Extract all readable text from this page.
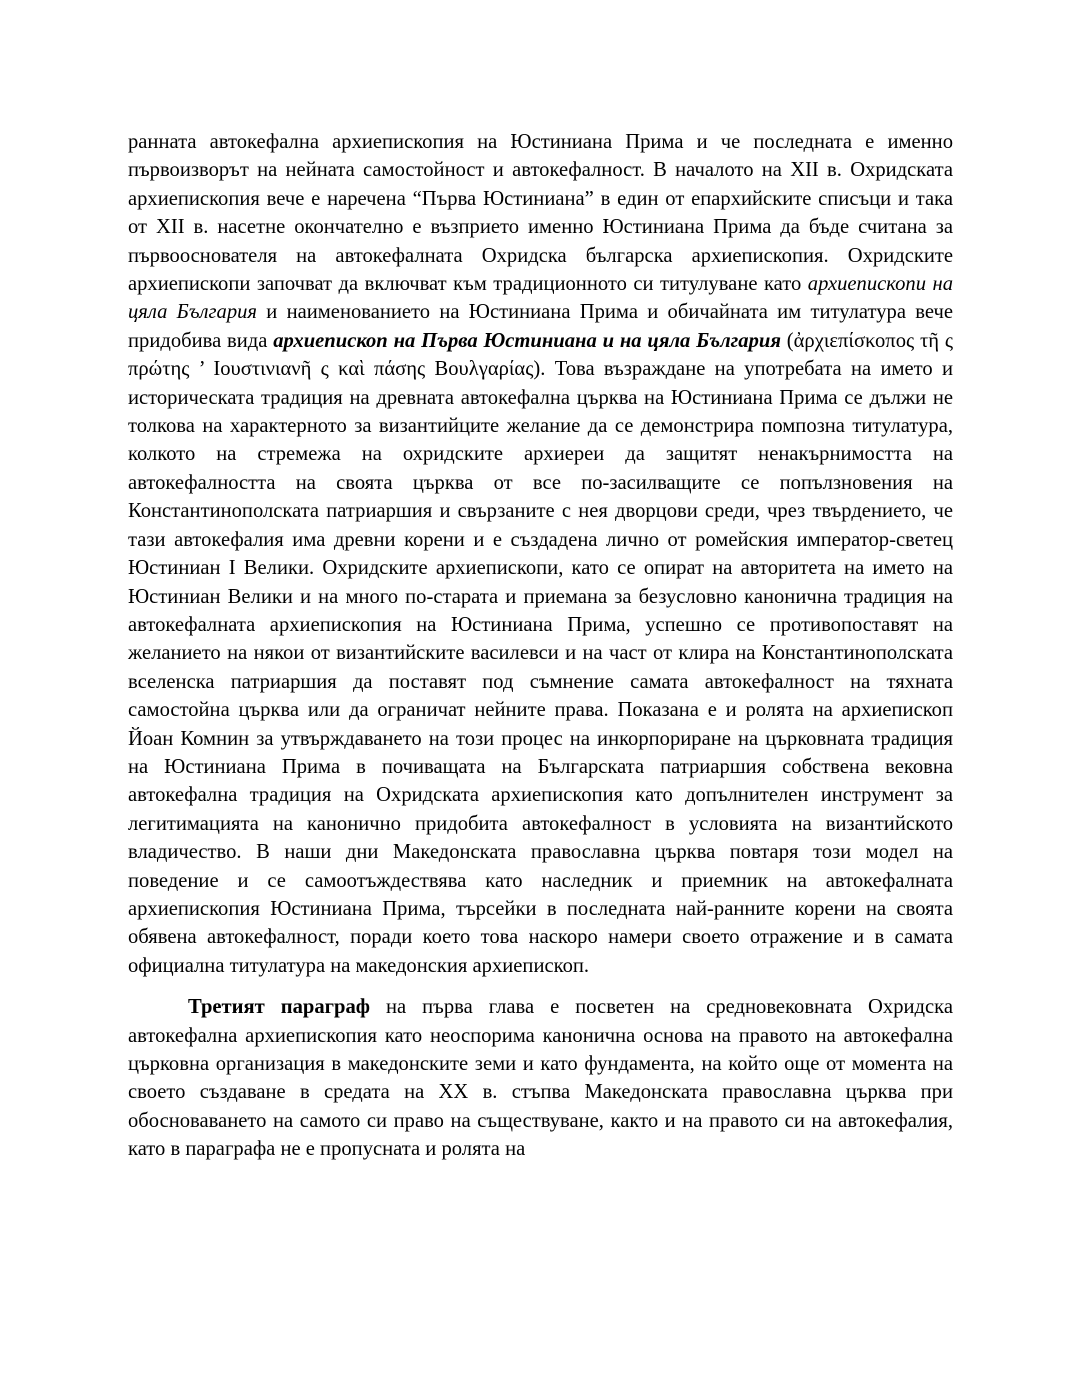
ранната автокефална архиепископия на Юстиниана Прима и че последната е именно първоизворът на нейната самостойност и автокефалност. В началото на XII в. Охридската архиепископия вече е наречена “Първа Юстиниана” в един от епархийските списъци и така от XII в. насетне окончателно е възприето именно Юстиниана Прима да бъде считана за първооснователя на автокефалната Охридска българска архиепископия. Охридските архиепископи започват да включват към традиционното си титулуване като архиепископи на цяла България и наименованието на Юстиниана Прима и обичайната им титулатура вече придобива вида архиепископ на Първа Юстиниана и на цяла България (ἀρχιεπίσκοπος τῆ ς πρώτης ’ Ιουστινιανῆ ς καὶ πάσης Βουλγαρίας). Това възраждане на употребата на името и историческата традиция на древната автокефална църква на Юстиниана Прима се дължи не толкова на характерното за византийците желание да се демонстрира помпозна титулатура, колкото на стремежа на охридските архиереи да защитят ненакърнимостта на автокефалността на своята църква от все по-засилващите се попълзновения на Константинополската патриаршия и свързаните с нея дворцови среди, чрез твърдението, че тази автокефалия има древни корени и е създадена лично от ромейския император-светец Юстиниан I Велики. Охридските архиепископи, като се опират на авторитета на името на Юстиниан Велики и на много по-старата и приемана за безусловно канонична традиция на автокефалната архиепископия на Юстиниана Прима, успешно се противопоставят на желанието на някои от византийските василевси и на част от клира на Константинополската вселенска патриаршия да поставят под съмнение самата автокефалност на тяхната самостойна църква или да ограничат нейните права. Показана е и ролята на архиепископ Йоан Комнин за утвърждаването на този процес на инкорпориране на църковната традиция на Юстиниана Прима в почиващата на Българската патриаршия собствена вековна автокефална традиция на Охридската архиепископия като допълнителен инструмент за легитимацията на канонично придобита автокефалност в условията на византийското владичество. В наши дни Македонската православна църква повтаря този модел на поведение и се самоотъждествява като наследник и приемник на автокефалната архиепископия Юстиниана Прима, търсейки в последната най-ранните корени на своята обявена автокефалност, поради което това наскоро намери своето отражение и в самата официална титулатура на македонския архиепископ.

Третият параграф на първа глава е посветен на средновековната Охридска автокефална архиепископия като неоспорима канонична основа на правото на автокефална църковна организация в македонските земи и като фундамента, на който още от момента на своето създаване в средата на XX в. стъпва Македонската православна църква при обосноваването на самото си право на съществуване, както и на правото си на автокефалия, като в параграфа не е пропусната и ролята на
